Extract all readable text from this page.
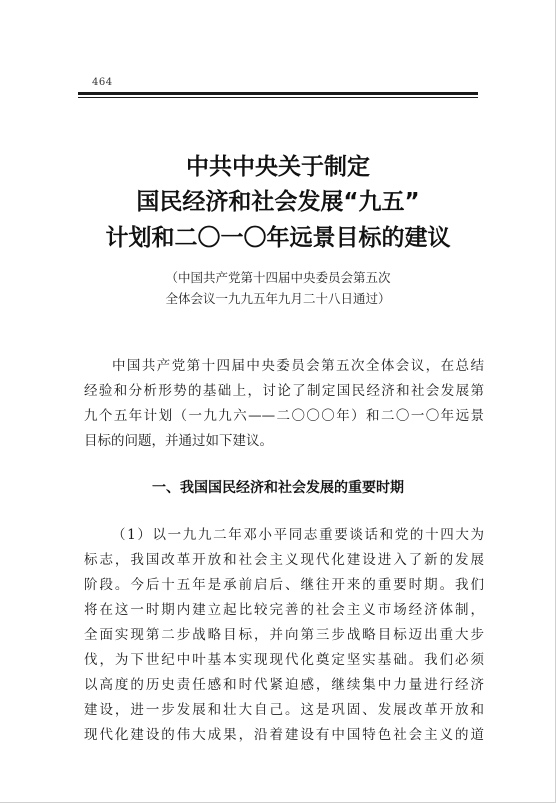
464
中共中央关于制定
国民经济和社会发展“九五”
计划和二〇一〇年远景目标的建议
（中国共产党第十四届中央委员会第五次
全体会议一九九五年九月二十八日通过）
中国共产党第十四届中央委员会第五次全体会议，在总结
经验和分析形势的基础上，讨论了制定国民经济和社会发展第
九个五年计划（一九九六——二〇〇〇年）和二〇一〇年远景
目标的问题，并通过如下建议。
一、我国国民经济和社会发展的重要时期
（1）以一九九二年邓小平同志重要谈话和党的十四大为
标志，我国改革开放和社会主义现代化建设进入了新的发展
阶段。今后十五年是承前启后、继往开来的重要时期。我们
将在这一时期内建立起比较完善的社会主义市场经济体制，
全面实现第二步战略目标，并向第三步战略目标迈出重大步
伐，为下世纪中叶基本实现现代化奠定坚实基础。我们必须
以高度的历史责任感和时代紧迫感，继续集中力量进行经济
建设，进一步发展和壮大自己。这是巩固、发展改革开放和
现代化建设的伟大成果，沿着建设有中国特色社会主义的道
